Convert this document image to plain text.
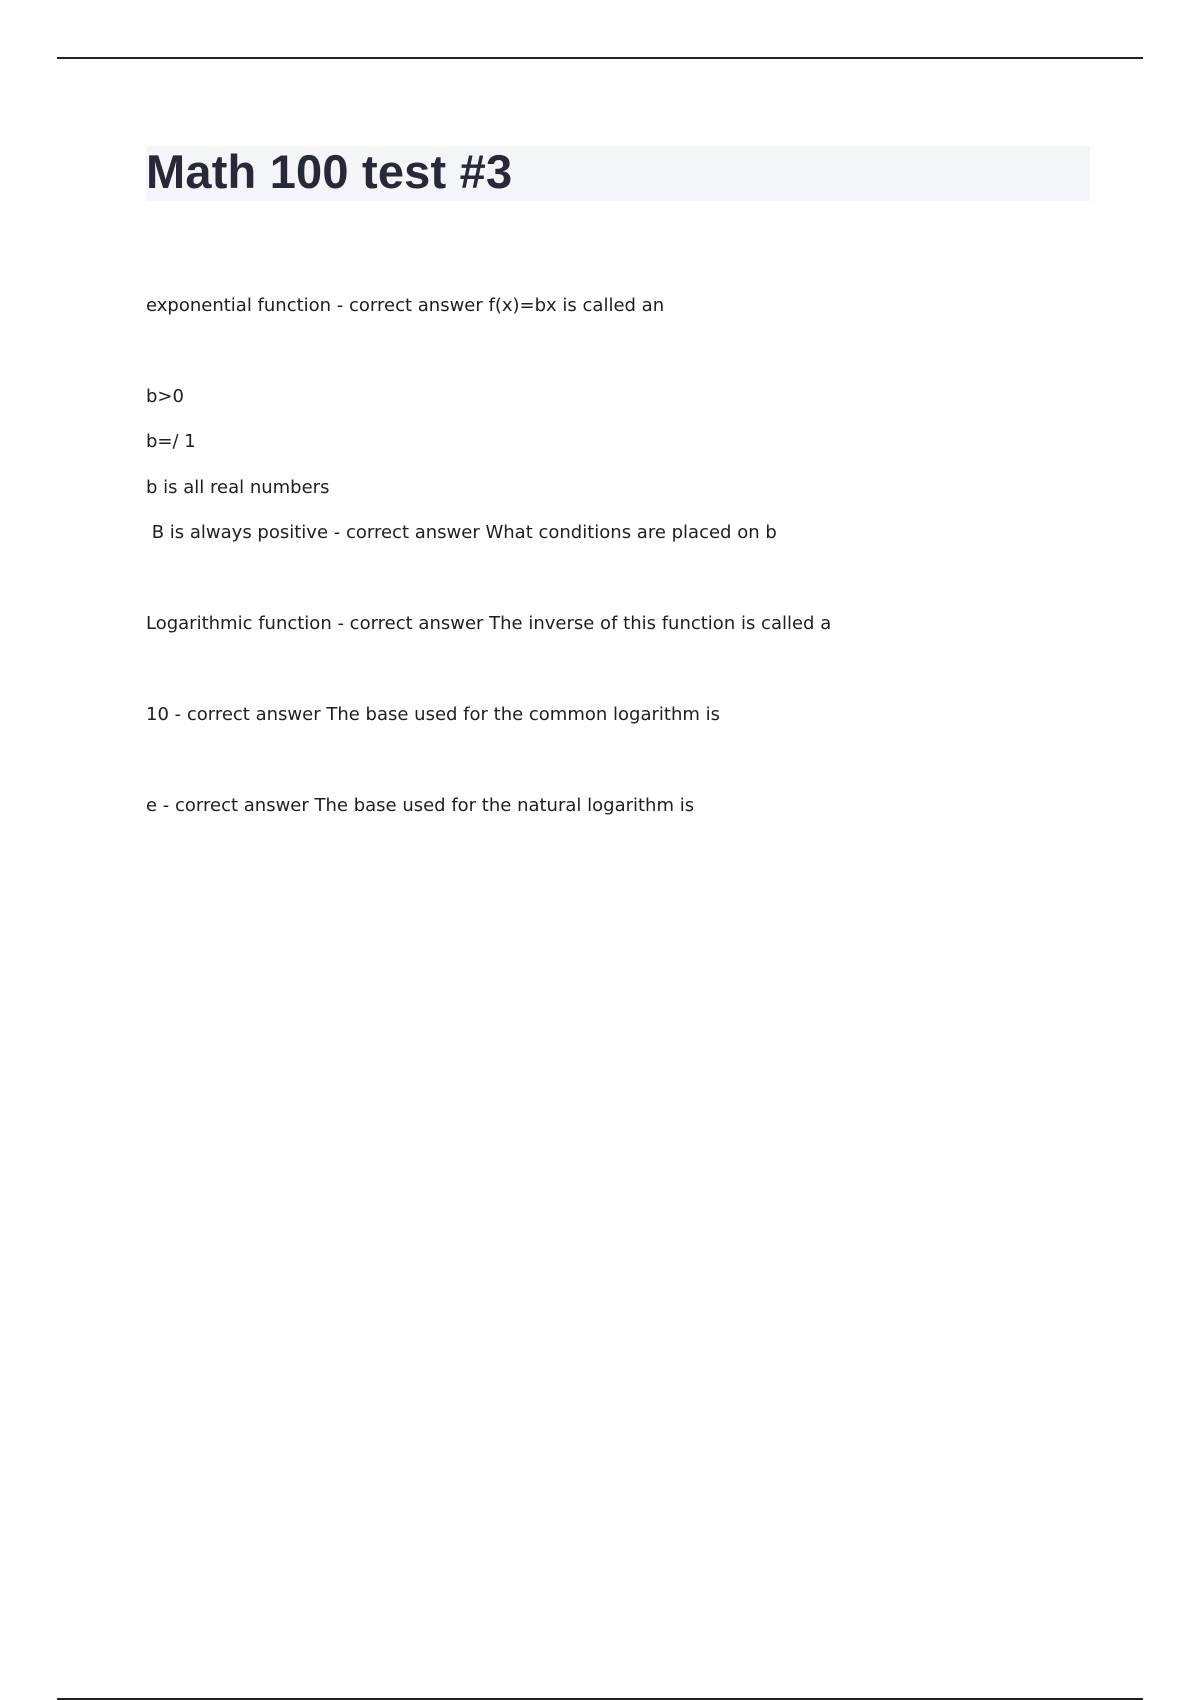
Math 100 test #3

exponential function - correct answer f(x)=bx is called an

b>0

b=/ 1

b is all real numbers

B is always positive - correct answer What conditions are placed on b

Logarithmic function - correct answer The inverse of this function is called a

10 - correct answer The base used for the common logarithm is

e - correct answer The base used for the natural logarithm is
